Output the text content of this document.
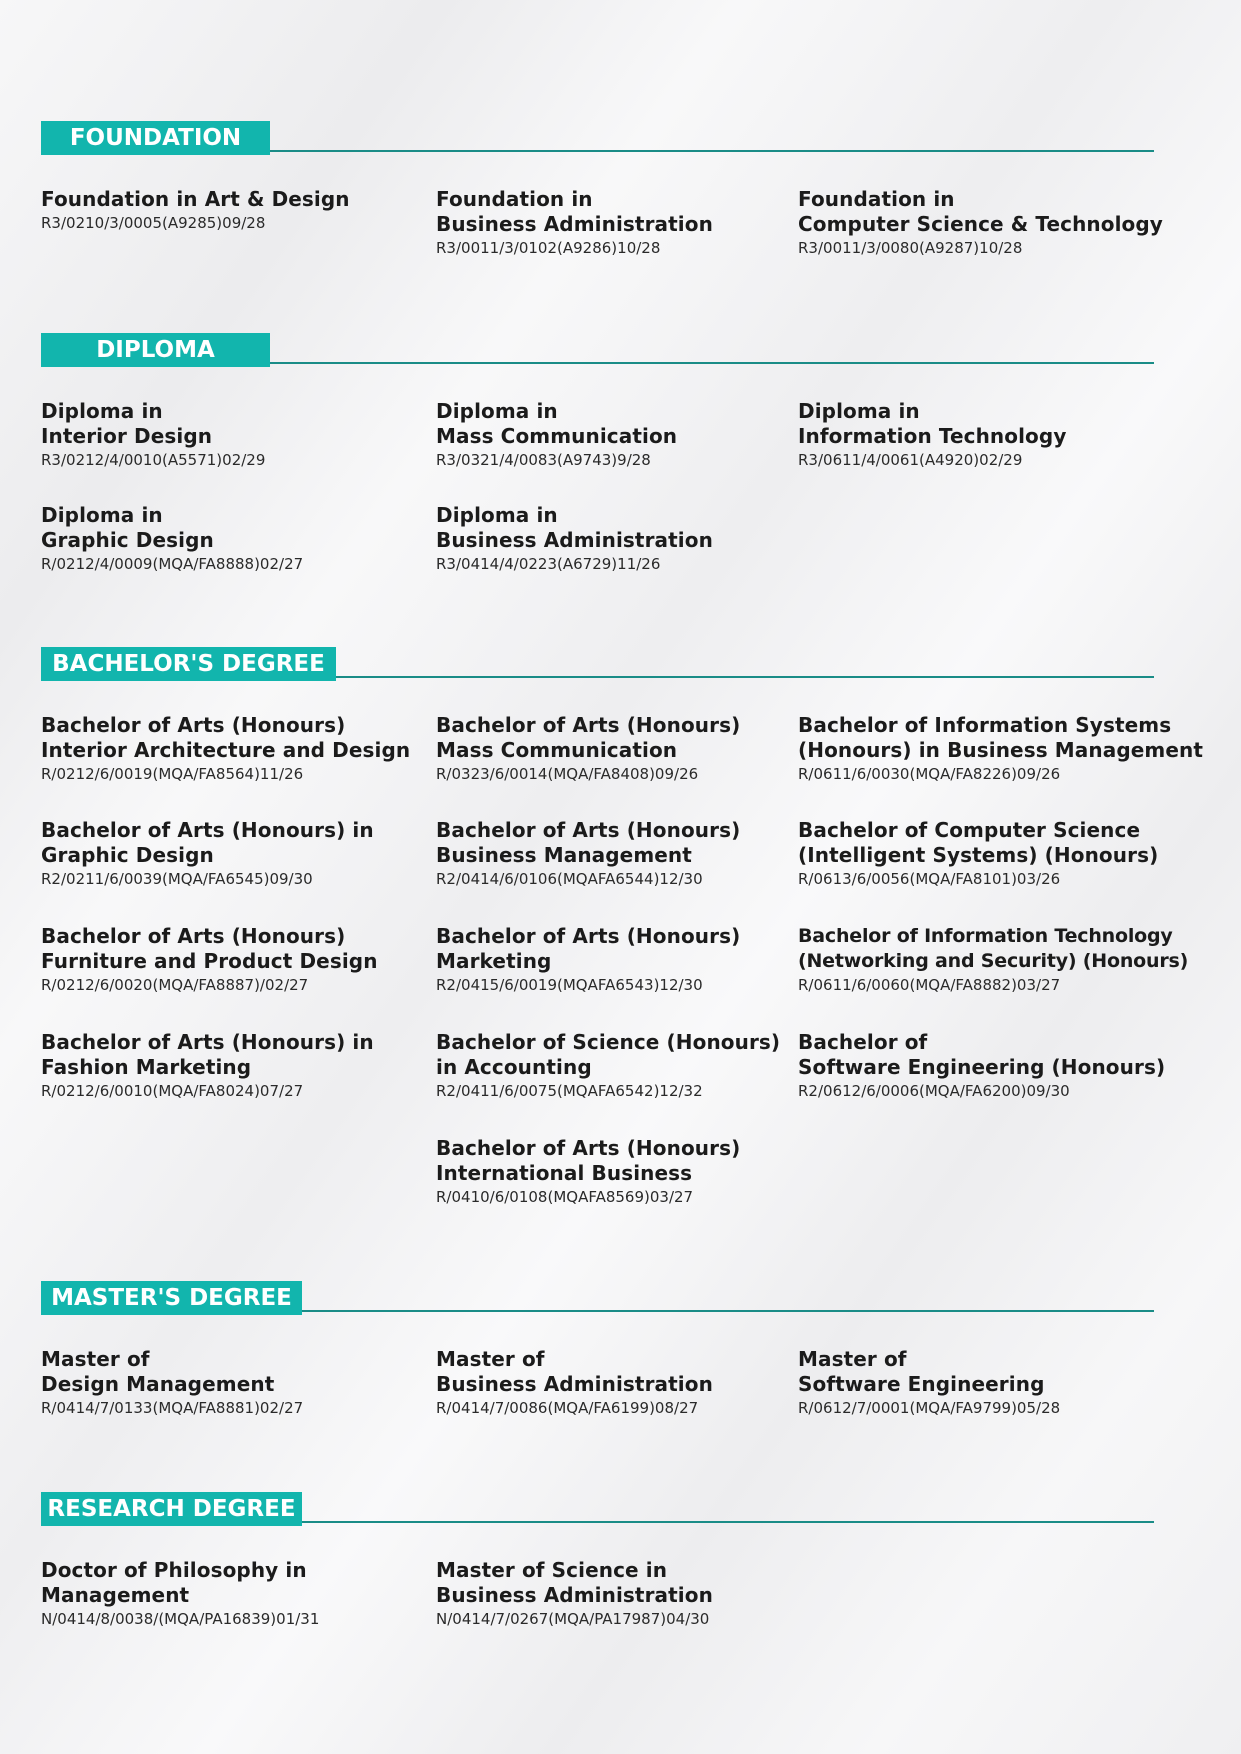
FOUNDATION
Foundation in Art & Design
R3/0210/3/0005(A9285)09/28
Foundation in
Business Administration
R3/0011/3/0102(A9286)10/28
Foundation in
Computer Science & Technology
R3/0011/3/0080(A9287)10/28
DIPLOMA
Diploma in
Interior Design
R3/0212/4/0010(A5571)02/29
Diploma in
Mass Communication
R3/0321/4/0083(A9743)9/28
Diploma in
Information Technology
R3/0611/4/0061(A4920)02/29
Diploma in
Graphic Design
R/0212/4/0009(MQA/FA8888)02/27
Diploma in
Business Administration
R3/0414/4/0223(A6729)11/26
BACHELOR'S DEGREE
Bachelor of Arts (Honours)
Interior Architecture and Design
R/0212/6/0019(MQA/FA8564)11/26
Bachelor of Arts (Honours)
Mass Communication
R/0323/6/0014(MQA/FA8408)09/26
Bachelor of Information Systems
(Honours) in Business Management
R/0611/6/0030(MQA/FA8226)09/26
Bachelor of Arts (Honours) in
Graphic Design
R2/0211/6/0039(MQA/FA6545)09/30
Bachelor of Arts (Honours)
Business Management
R2/0414/6/0106(MQAFA6544)12/30
Bachelor of Computer Science
(Intelligent Systems) (Honours)
R/0613/6/0056(MQA/FA8101)03/26
Bachelor of Arts (Honours)
Furniture and Product Design
R/0212/6/0020(MQA/FA8887)/02/27
Bachelor of Arts (Honours)
Marketing
R2/0415/6/0019(MQAFA6543)12/30
Bachelor of Information Technology
(Networking and Security) (Honours)
R/0611/6/0060(MQA/FA8882)03/27
Bachelor of Arts (Honours) in
Fashion Marketing
R/0212/6/0010(MQA/FA8024)07/27
Bachelor of Science (Honours)
in Accounting
R2/0411/6/0075(MQAFA6542)12/32
Bachelor of
Software Engineering (Honours)
R2/0612/6/0006(MQA/FA6200)09/30
Bachelor of Arts (Honours)
International Business
R/0410/6/0108(MQAFA8569)03/27
MASTER'S DEGREE
Master of
Design Management
R/0414/7/0133(MQA/FA8881)02/27
Master of
Business Administration
R/0414/7/0086(MQA/FA6199)08/27
Master of
Software Engineering
R/0612/7/0001(MQA/FA9799)05/28
RESEARCH DEGREE
Doctor of Philosophy in
Management
N/0414/8/0038/(MQA/PA16839)01/31
Master of Science in
Business Administration
N/0414/7/0267(MQA/PA17987)04/30
